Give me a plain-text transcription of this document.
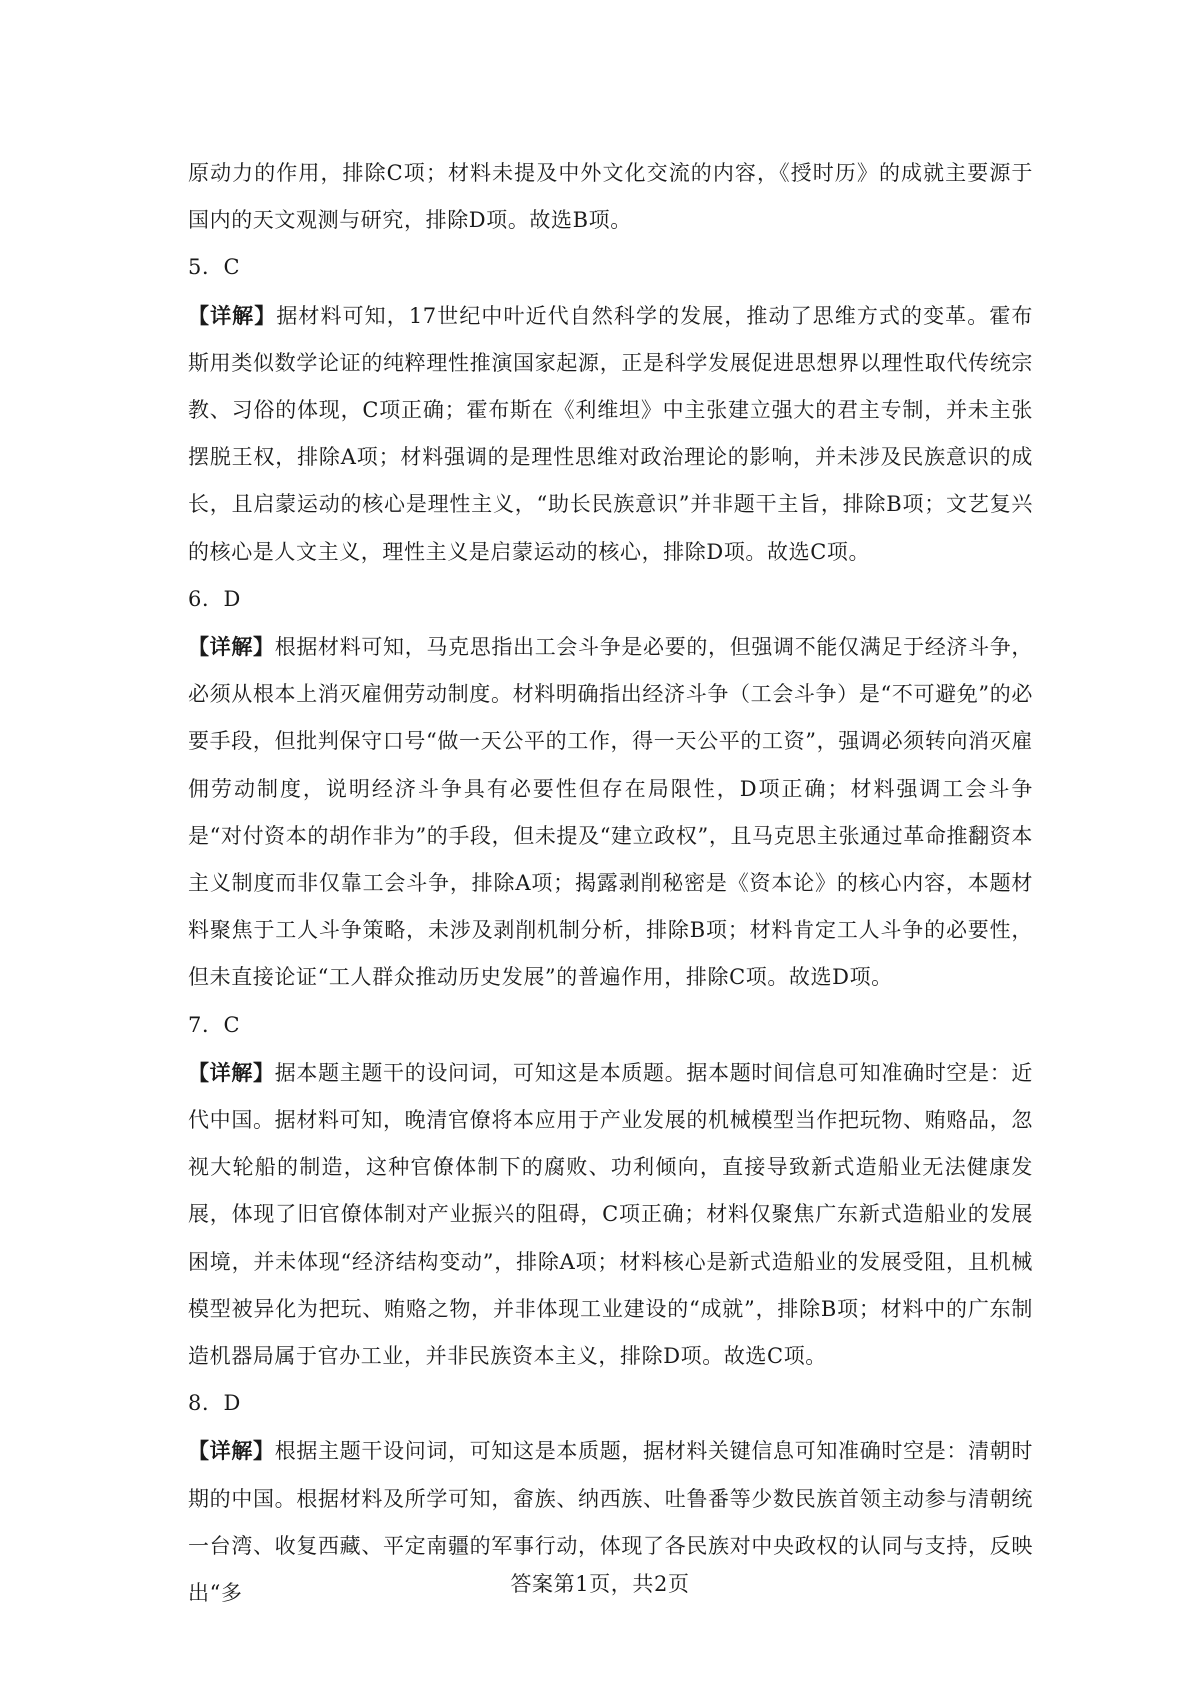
原动力的作用，排除C项；材料未提及中外文化交流的内容，《授时历》的成就主要源于国内的天文观测与研究，排除D项。故选B项。

5．C

【详解】据材料可知，17世纪中叶近代自然科学的发展，推动了思维方式的变革。霍布斯用类似数学论证的纯粹理性推演国家起源，正是科学发展促进思想界以理性取代传统宗教、习俗的体现，C项正确；霍布斯在《利维坦》中主张建立强大的君主专制，并未主张摆脱王权，排除A项；材料强调的是理性思维对政治理论的影响，并未涉及民族意识的成长，且启蒙运动的核心是理性主义，“助长民族意识”并非题干主旨，排除B项；文艺复兴的核心是人文主义，理性主义是启蒙运动的核心，排除D项。故选C项。

6．D

【详解】根据材料可知，马克思指出工会斗争是必要的，但强调不能仅满足于经济斗争，必须从根本上消灭雇佣劳动制度。材料明确指出经济斗争（工会斗争）是“不可避免”的必要手段，但批判保守口号“做一天公平的工作，得一天公平的工资”，强调必须转向消灭雇佣劳动制度，说明经济斗争具有必要性但存在局限性，D项正确；材料强调工会斗争是“对付资本的胡作非为”的手段，但未提及“建立政权”，且马克思主张通过革命推翻资本主义制度而非仅靠工会斗争，排除A项；揭露剥削秘密是《资本论》的核心内容，本题材料聚焦于工人斗争策略，未涉及剥削机制分析，排除B项；材料肯定工人斗争的必要性，但未直接论证“工人群众推动历史发展”的普遍作用，排除C项。故选D项。

7．C

【详解】据本题主题干的设问词，可知这是本质题。据本题时间信息可知准确时空是：近代中国。据材料可知，晚清官僚将本应用于产业发展的机械模型当作把玩物、贿赂品，忽视大轮船的制造，这种官僚体制下的腐败、功利倾向，直接导致新式造船业无法健康发展，体现了旧官僚体制对产业振兴的阻碍，C项正确；材料仅聚焦广东新式造船业的发展困境，并未体现“经济结构变动”，排除A项；材料核心是新式造船业的发展受阻，且机械模型被异化为把玩、贿赂之物，并非体现工业建设的“成就”，排除B项；材料中的广东制造机器局属于官办工业，并非民族资本主义，排除D项。故选C项。

8．D

【详解】根据主题干设问词，可知这是本质题，据材料关键信息可知准确时空是：清朝时期的中国。根据材料及所学可知，畲族、纳西族、吐鲁番等少数民族首领主动参与清朝统一台湾、收复西藏、平定南疆的军事行动，体现了各民族对中央政权的认同与支持，反映出“多	答案第1页，共2页
